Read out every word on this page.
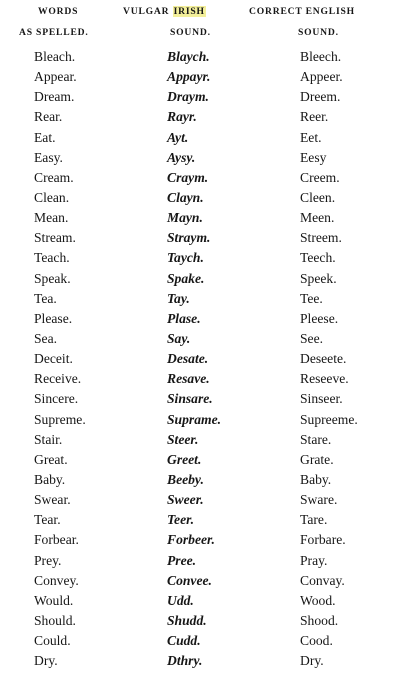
WORDS	VULGAR IRISH	CORRECT ENGLISH
AS SPELLED.	SOUND.	SOUND.
Bleach.	Blaych.	Bleech.
Appear.	Appayr.	Appeer.
Dream.	Draym.	Dreem.
Rear.	Rayr.	Reer.
Eat.	Ayt.	Eet.
Easy.	Aysy.	Eesy
Cream.	Craym.	Creem.
Clean.	Clayn.	Cleen.
Mean.	Mayn.	Meen.
Stream.	Straym.	Streem.
Teach.	Taych.	Teech.
Speak.	Spake.	Speek.
Tea.	Tay.	Tee.
Please.	Plase.	Pleese.
Sea.	Say.	See.
Deceit.	Desate.	Deseete.
Receive.	Resave.	Reseeve.
Sincere.	Sinsare.	Sinseer.
Supreme.	Suprame.	Supreeme.
Stair.	Steer.	Stare.
Great.	Greet.	Grate.
Baby.	Beeby.	Baby.
Swear.	Sweer.	Sware.
Tear.	Teer.	Tare.
Forbear.	Forbeer.	Forbare.
Prey.	Pree.	Pray.
Convey.	Convee.	Convay.
Would.	Udd.	Wood.
Should.	Shudd.	Shood.
Could.	Cudd.	Cood.
Dry.	Dthry.	Dry.
